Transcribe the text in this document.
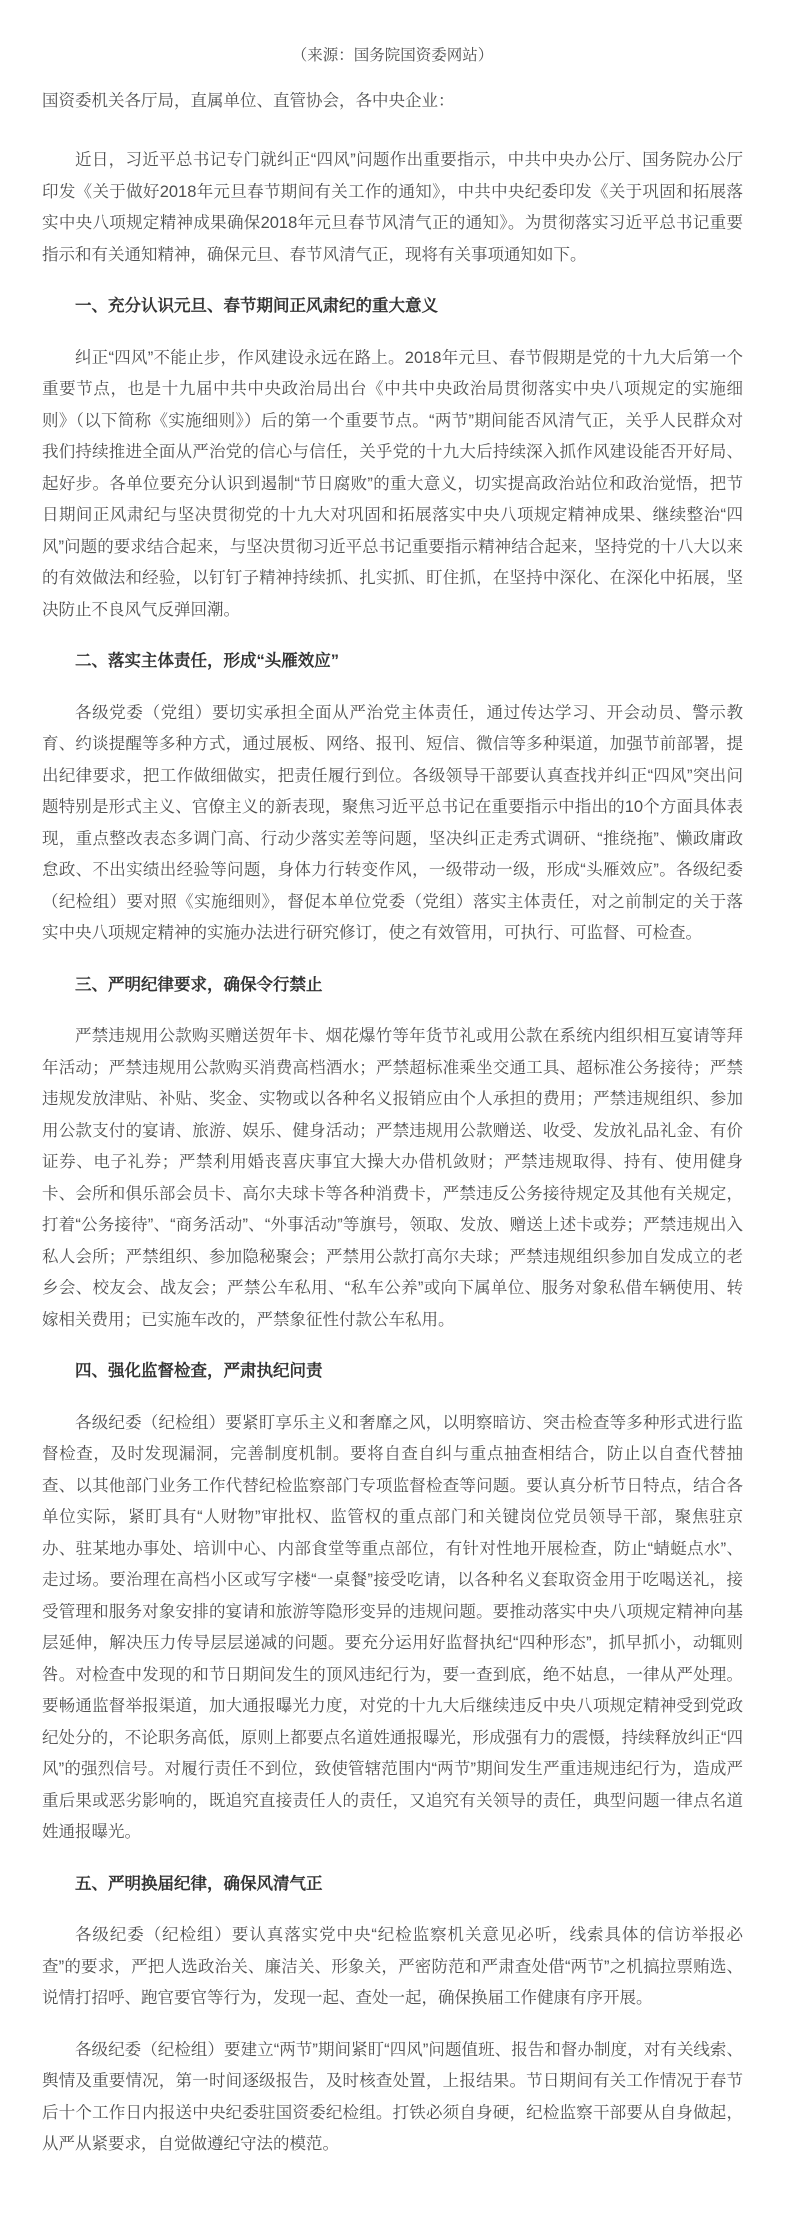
（来源：国务院国资委网站）

国资委机关各厅局，直属单位、直管协会，各中央企业：

近日，习近平总书记专门就纠正“四风”问题作出重要指示，中共中央办公厅、国务院办公厅印发《关于做好2018年元旦春节期间有关工作的通知》，中共中央纪委印发《关于巩固和拓展落实中央八项规定精神成果确保2018年元旦春节风清气正的通知》。为贯彻落实习近平总书记重要指示和有关通知精神，确保元旦、春节风清气正，现将有关事项通知如下。

一、充分认识元旦、春节期间正风肃纪的重大意义

纠正“四风”不能止步，作风建设永远在路上。2018年元旦、春节假期是党的十九大后第一个重要节点，也是十九届中共中央政治局出台《中共中央政治局贯彻落实中央八项规定的实施细则》（以下简称《实施细则》）后的第一个重要节点。“两节”期间能否风清气正，关乎人民群众对我们持续推进全面从严治党的信心与信任，关乎党的十九大后持续深入抓作风建设能否开好局、起好步。各单位要充分认识到遏制“节日腐败”的重大意义，切实提高政治站位和政治觉悟，把节日期间正风肃纪与坚决贯彻党的十九大对巩固和拓展落实中央八项规定精神成果、继续整治“四风”问题的要求结合起来，与坚决贯彻习近平总书记重要指示精神结合起来，坚持党的十八大以来的有效做法和经验，以钉钉子精神持续抓、扎实抓、盯住抓，在坚持中深化、在深化中拓展，坚决防止不良风气反弹回潮。

二、落实主体责任，形成“头雁效应”

各级党委（党组）要切实承担全面从严治党主体责任，通过传达学习、开会动员、警示教育、约谈提醒等多种方式，通过展板、网络、报刊、短信、微信等多种渠道，加强节前部署，提出纪律要求，把工作做细做实，把责任履行到位。各级领导干部要认真查找并纠正“四风”突出问题特别是形式主义、官僚主义的新表现，聚焦习近平总书记在重要指示中指出的10个方面具体表现，重点整改表态多调门高、行动少落实差等问题，坚决纠正走秀式调研、“推绕拖”、懒政庸政怠政、不出实绩出经验等问题，身体力行转变作风，一级带动一级，形成“头雁效应”。各级纪委（纪检组）要对照《实施细则》，督促本单位党委（党组）落实主体责任，对之前制定的关于落实中央八项规定精神的实施办法进行研究修订，使之有效管用，可执行、可监督、可检查。

三、严明纪律要求，确保令行禁止

严禁违规用公款购买赠送贺年卡、烟花爆竹等年货节礼或用公款在系统内组织相互宴请等拜年活动；严禁违规用公款购买消费高档酒水；严禁超标准乘坐交通工具、超标准公务接待；严禁违规发放津贴、补贴、奖金、实物或以各种名义报销应由个人承担的费用；严禁违规组织、参加用公款支付的宴请、旅游、娱乐、健身活动；严禁违规用公款赠送、收受、发放礼品礼金、有价证券、电子礼券；严禁利用婚丧喜庆事宜大操大办借机敛财；严禁违规取得、持有、使用健身卡、会所和俱乐部会员卡、高尔夫球卡等各种消费卡，严禁违反公务接待规定及其他有关规定，打着“公务接待”、“商务活动”、“外事活动”等旗号，领取、发放、赠送上述卡或券；严禁违规出入私人会所；严禁组织、参加隐秘聚会；严禁用公款打高尔夫球；严禁违规组织参加自发成立的老乡会、校友会、战友会；严禁公车私用、“私车公养”或向下属单位、服务对象私借车辆使用、转嫁相关费用；已实施车改的，严禁象征性付款公车私用。

四、强化监督检查，严肃执纪问责

各级纪委（纪检组）要紧盯享乐主义和奢靡之风，以明察暗访、突击检查等多种形式进行监督检查，及时发现漏洞，完善制度机制。要将自查自纠与重点抽查相结合，防止以自查代替抽查、以其他部门业务工作代替纪检监察部门专项监督检查等问题。要认真分析节日特点，结合各单位实际，紧盯具有“人财物”审批权、监管权的重点部门和关键岗位党员领导干部，聚焦驻京办、驻某地办事处、培训中心、内部食堂等重点部位，有针对性地开展检查，防止“蜻蜓点水”、走过场。要治理在高档小区或写字楼“一桌餐”接受吃请，以各种名义套取资金用于吃喝送礼，接受管理和服务对象安排的宴请和旅游等隐形变异的违规问题。要推动落实中央八项规定精神向基层延伸，解决压力传导层层递减的问题。要充分运用好监督执纪“四种形态”，抓早抓小，动辄则咎。对检查中发现的和节日期间发生的顶风违纪行为，要一查到底，绝不姑息，一律从严处理。要畅通监督举报渠道，加大通报曝光力度，对党的十九大后继续违反中央八项规定精神受到党政纪处分的，不论职务高低，原则上都要点名道姓通报曝光，形成强有力的震慑，持续释放纠正“四风”的强烈信号。对履行责任不到位，致使管辖范围内“两节”期间发生严重违规违纪行为，造成严重后果或恶劣影响的，既追究直接责任人的责任，又追究有关领导的责任，典型问题一律点名道姓通报曝光。

五、严明换届纪律，确保风清气正

各级纪委（纪检组）要认真落实党中央“纪检监察机关意见必听，线索具体的信访举报必查”的要求，严把人选政治关、廉洁关、形象关，严密防范和严肃查处借“两节”之机搞拉票贿选、说情打招呼、跑官要官等行为，发现一起、查处一起，确保换届工作健康有序开展。

各级纪委（纪检组）要建立“两节”期间紧盯“四风”问题值班、报告和督办制度，对有关线索、舆情及重要情况，第一时间逐级报告，及时核查处置，上报结果。节日期间有关工作情况于春节后十个工作日内报送中央纪委驻国资委纪检组。打铁必须自身硬，纪检监察干部要从自身做起，从严从紧要求，自觉做遵纪守法的模范。
